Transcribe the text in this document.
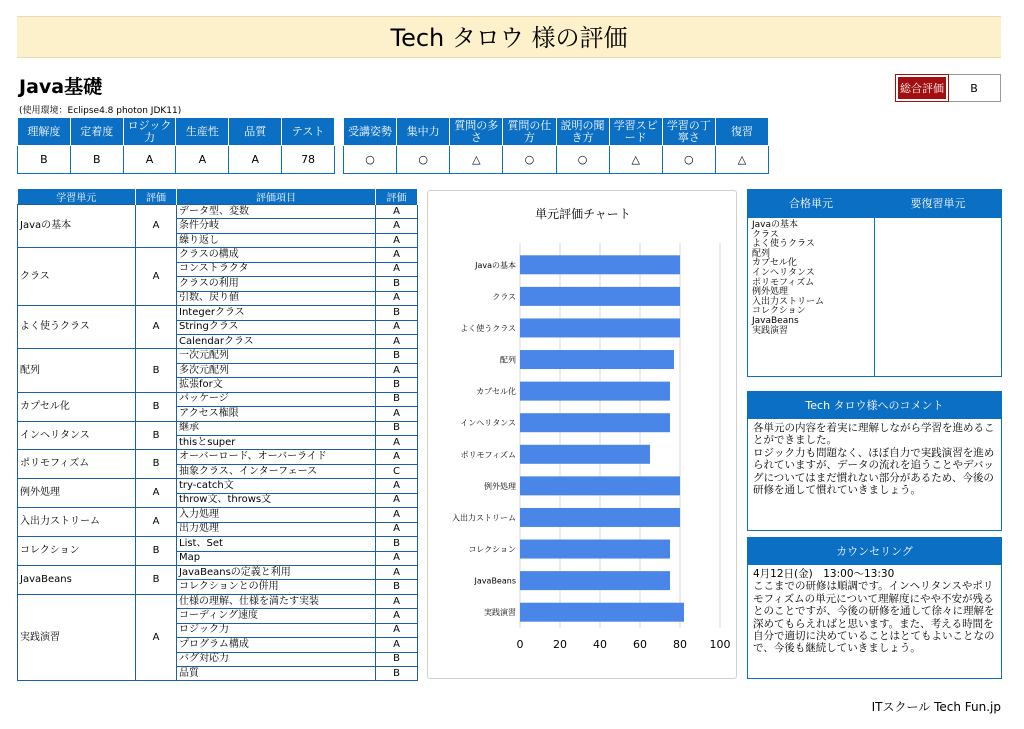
Tech タロウ 様の評価
Java基礎
(使用環境：Eclipse4.8 photon JDK11)
総合評価	B
理解度	定着度	ロジック力	生産性	品質	テスト
B	B	A	A	A	78
受講姿勢	集中力	質問の多さ	質問の仕方	説明の聞き方	学習スピード	学習の丁寧さ	復習
○	○	△	○	○	△	○	△
学習単元	評価	評価項目	評価
Javaの基本	A	データ型、変数	A
		条件分岐	A
		繰り返し	A
クラス	A	クラスの構成	A
		コンストラクタ	A
		クラスの利用	B
		引数、戻り値	A
よく使うクラス	A	Integerクラス	B
		Stringクラス	A
		Calendarクラス	A
配列	B	一次元配列	B
		多次元配列	A
		拡張for文	B
カプセル化	B	パッケージ	B
		アクセス権限	A
インヘリタンス	B	継承	B
		thisとsuper	A
ポリモフィズム	B	オーバーロード、オーバーライド	A
		抽象クラス、インターフェース	C
例外処理	A	try-catch文	A
		throw文、throws文	A
入出力ストリーム	A	入力処理	A
		出力処理	A
コレクション	B	List、Set	B
		Map	A
JavaBeans	B	JavaBeansの定義と利用	A
		コレクションとの併用	B
実践演習	A	仕様の理解、仕様を満たす実装	A
		コーディング速度	A
		ロジック力	A
		プログラム構成	A
		バグ対応力	B
		品質	B
単元評価チャート
0	20 40 60 80 100
Javaの基本
クラス
よく使うクラス
配列
カプセル化
インヘリタンス
ポリモフィズム
例外処理
入出力ストリーム
コレクション
JavaBeans
実践演習
合格単元
Javaの基本
クラス
よく使うクラス
配列
カプセル化
インヘリタンス
ポリモフィズム
例外処理
入出力ストリーム
コレクション
JavaBeans
実践演習
要復習単元
Tech タロウ様へのコメント
各単元の内容を着実に理解しながら学習を進めることができました。
ロジック力も問題なく、ほぼ自力で実践演習を進められていますが、データの流れを追うことやデバッグについてはまだ慣れない部分があるため、今後の研修を通して慣れていきましょう。
カウンセリング
4月12日(金)　13:00～13:30
ここまでの研修は順調です。インヘリタンスやポリモフィズムの単元について理解度にやや不安が残るとのことですが、今後の研修を通して徐々に理解を深めてもらえればと思います。また、考える時間を自分で適切に決めていることはとてもよいことなので、今後も継続していきましょう。
ITスクール Tech Fun.jp
